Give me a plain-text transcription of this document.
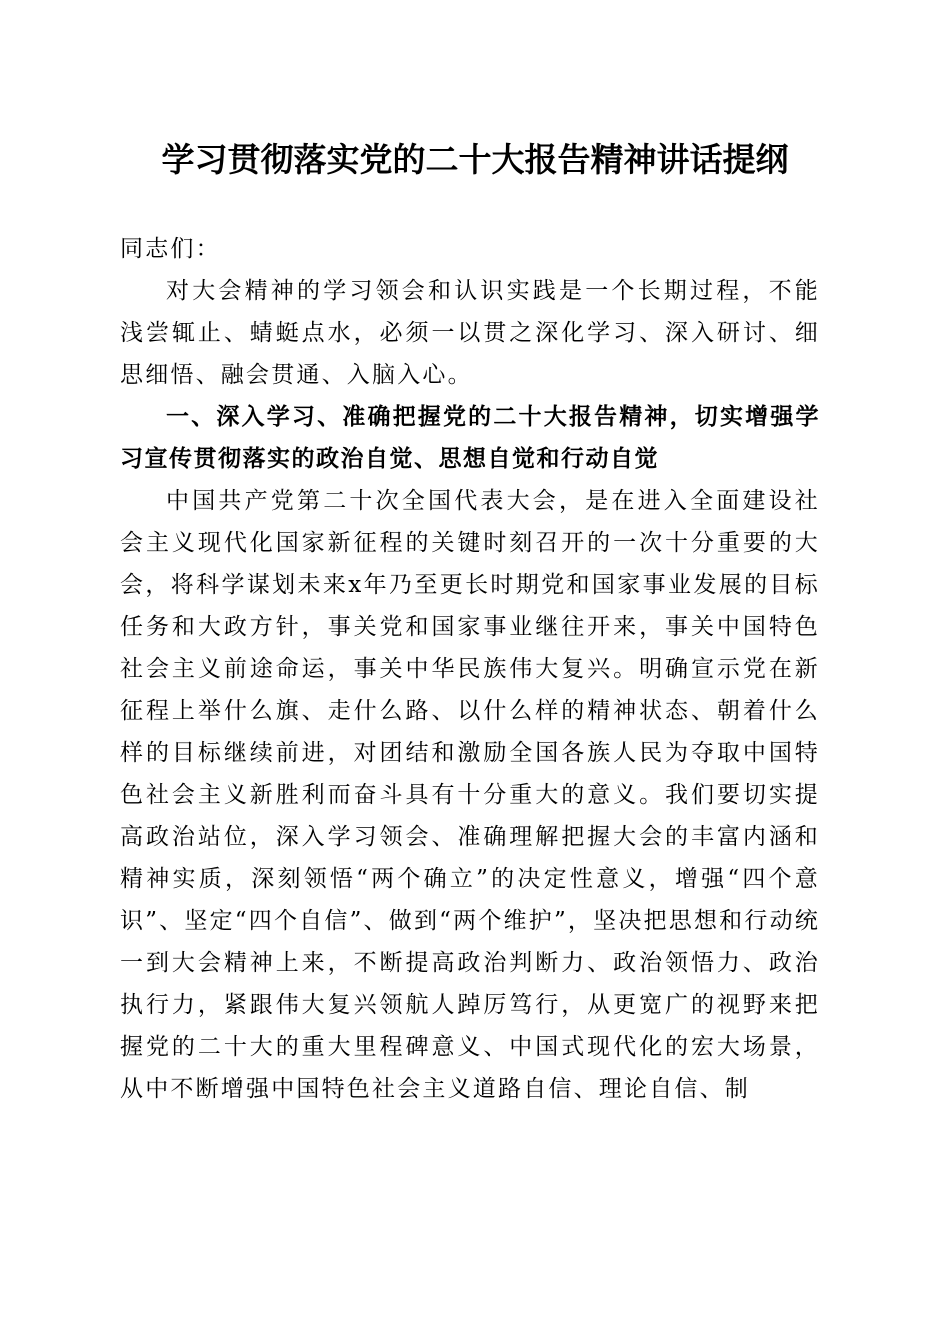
学习贯彻落实党的二十大报告精神讲话提纲

同志们：

对大会精神的学习领会和认识实践是一个长期过程，不能浅尝辄止、蜻蜓点水，必须一以贯之深化学习、深入研讨、细思细悟、融会贯通、入脑入心。

一、深入学习、准确把握党的二十大报告精神，切实增强学习宣传贯彻落实的政治自觉、思想自觉和行动自觉

中国共产党第二十次全国代表大会，是在进入全面建设社会主义现代化国家新征程的关键时刻召开的一次十分重要的大会，将科学谋划未来x年乃至更长时期党和国家事业发展的目标任务和大政方针，事关党和国家事业继往开来，事关中国特色社会主义前途命运，事关中华民族伟大复兴。明确宣示党在新征程上举什么旗、走什么路、以什么样的精神状态、朝着什么样的目标继续前进，对团结和激励全国各族人民为夺取中国特色社会主义新胜利而奋斗具有十分重大的意义。我们要切实提高政治站位，深入学习领会、准确理解把握大会的丰富内涵和精神实质，深刻领悟“两个确立”的决定性意义，增强“四个意识”、坚定“四个自信”、做到“两个维护”，坚决把思想和行动统一到大会精神上来，不断提高政治判断力、政治领悟力、政治执行力，紧跟伟大复兴领航人踔厉笃行，从更宽广的视野来把握党的二十大的重大里程碑意义、中国式现代化的宏大场景，从中不断增强中国特色社会主义道路自信、理论自信、制
